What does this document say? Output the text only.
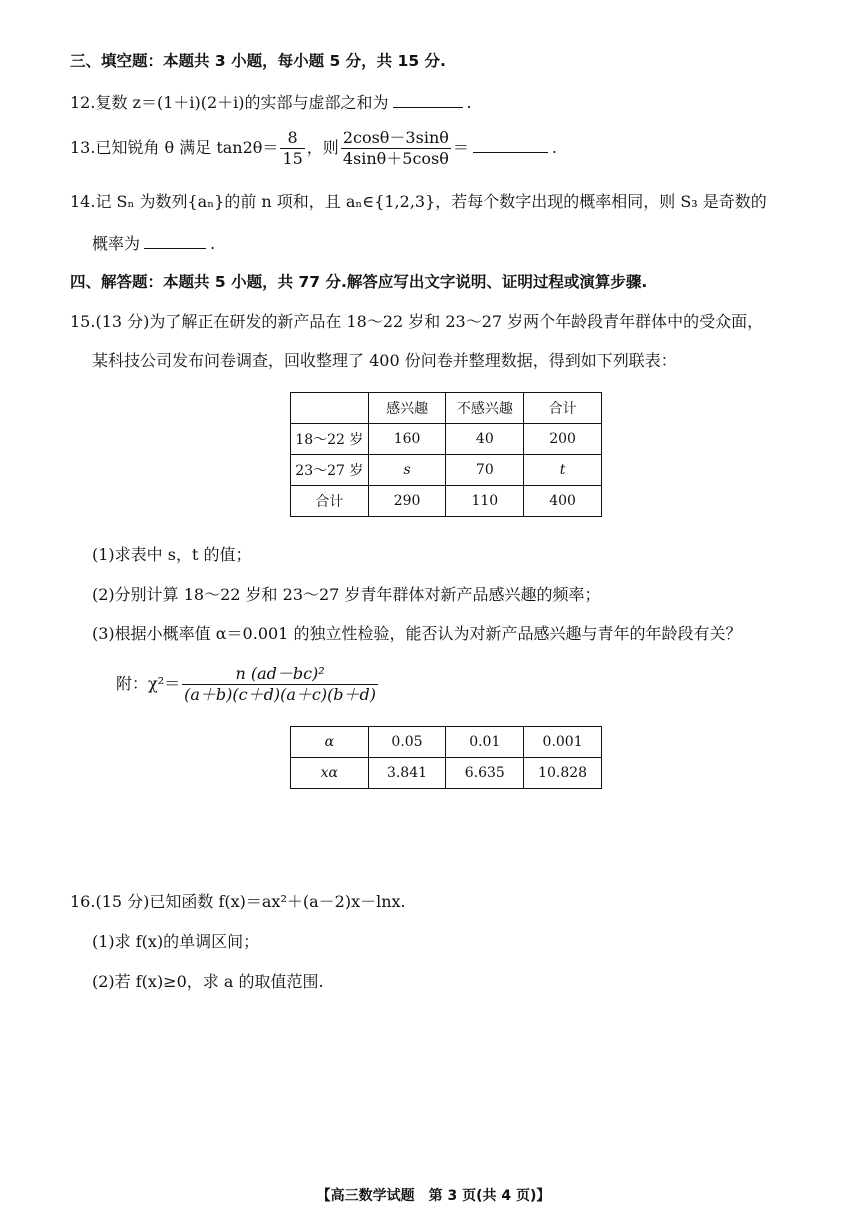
三、填空题：本题共 3 小题，每小题 5 分，共 15 分.
12.复数 z＝(1＋i)(2＋i)的实部与虚部之和为	.
13.已知锐角 θ 满足 $\tan 2\theta= \frac{8}{15}$ ，则 $\frac{2\cos\theta-3\sin\theta}{4\sin\theta+5\cos\theta}$ ＝	.
14.记 Sₙ 为数列{aₙ}的前 n 项和，且 aₙ∈{1,2,3}，若每个数字出现的概率相同，则 S₃ 是奇数的
概率为	.
四、解答题：本题共 5 小题，共 77 分.解答应写出文字说明、证明过程或演算步骤.
15.(13 分)为了解正在研发的新产品在 18～22 岁和 23～27 岁两个年龄段青年群体中的受众面，
某科技公司发布问卷调查，回收整理了 400 份问卷并整理数据，得到如下列联表：
	感兴趣	不感兴趣	合计
18～22 岁	160	40	200
23～27 岁	s	70	t
合计	290	110	400
(1)求表中 s，t 的值；
(2)分别计算 18～22 岁和 23～27 岁青年群体对新产品感兴趣的频率；
(3)根据小概率值 α＝0.001 的独立性检验，能否认为对新产品感兴趣与青年的年龄段有关？
附：$\chi^2= \frac{\text{n (ad－bc)²}}{(a+b)(c+d)(a+c)(b+d)}$
α	0.05	0.01	0.001
xα	3.841	6.635	10.828
16.(15 分)已知函数 f(x)＝ax²＋(a－2)x－lnx.
(1)求 f(x)的单调区间；
(2)若 f(x)≥0，求 a 的取值范围.
【高三数学试题　第 3 页(共 4 页)】
